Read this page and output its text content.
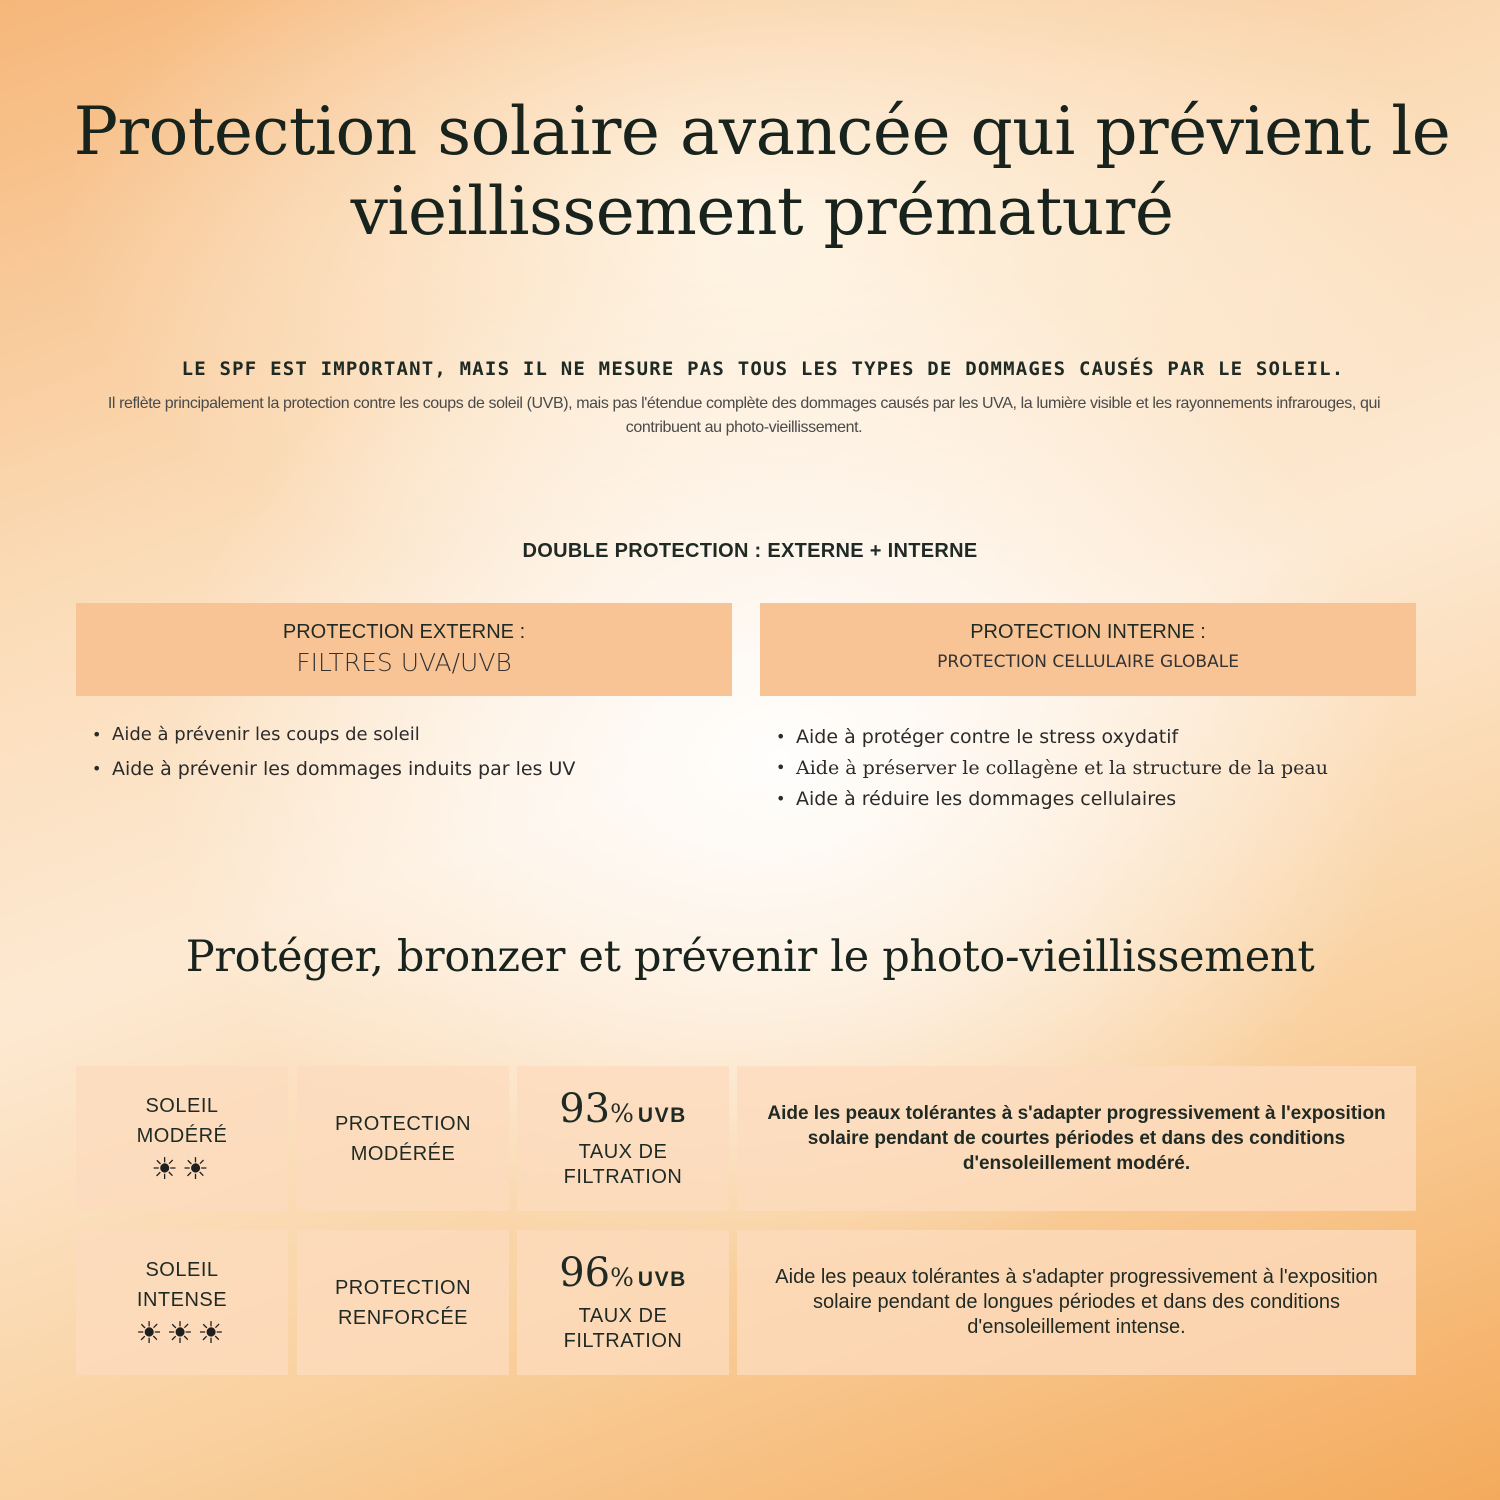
Protection solaire avancée qui prévient le vieillissement prématuré
LE SPF EST IMPORTANT, MAIS IL NE MESURE PAS TOUS LES TYPES DE DOMMAGES CAUSÉS PAR LE SOLEIL.

Il reflète principalement la protection contre les coups de soleil (UVB), mais pas l'étendue complète des dommages causés par les UVA, la lumière visible et les rayonnements infrarouges, qui contribuent au photo-vieillissement.

DOUBLE PROTECTION : EXTERNE + INTERNE
PROTECTION EXTERNE :
FILTRES UVA/UVB
PROTECTION INTERNE :
PROTECTION CELLULAIRE GLOBALE
• Aide à prévenir les coups de soleil
• Aide à prévenir les dommages induits par les UV
• Aide à protéger contre le stress oxydatif
• Aide à préserver le collagène et la structure de la peau
• Aide à réduire les dommages cellulaires
Protéger, bronzer et prévenir le photo-vieillissement
SOLEIL
MODÉRÉ
☀☀
PROTECTION
MODÉRÉE
93% UVB
TAUX DE
FILTRATION
Aide les peaux tolérantes à s'adapter progressivement à l'exposition solaire pendant de courtes périodes et dans des conditions d'ensoleillement modéré.
SOLEIL
INTENSE
☀☀☀
PROTECTION
RENFORCÉE
96% UVB
TAUX DE
FILTRATION
Aide les peaux tolérantes à s'adapter progressivement à l'exposition solaire pendant de longues périodes et dans des conditions d'ensoleillement intense.
